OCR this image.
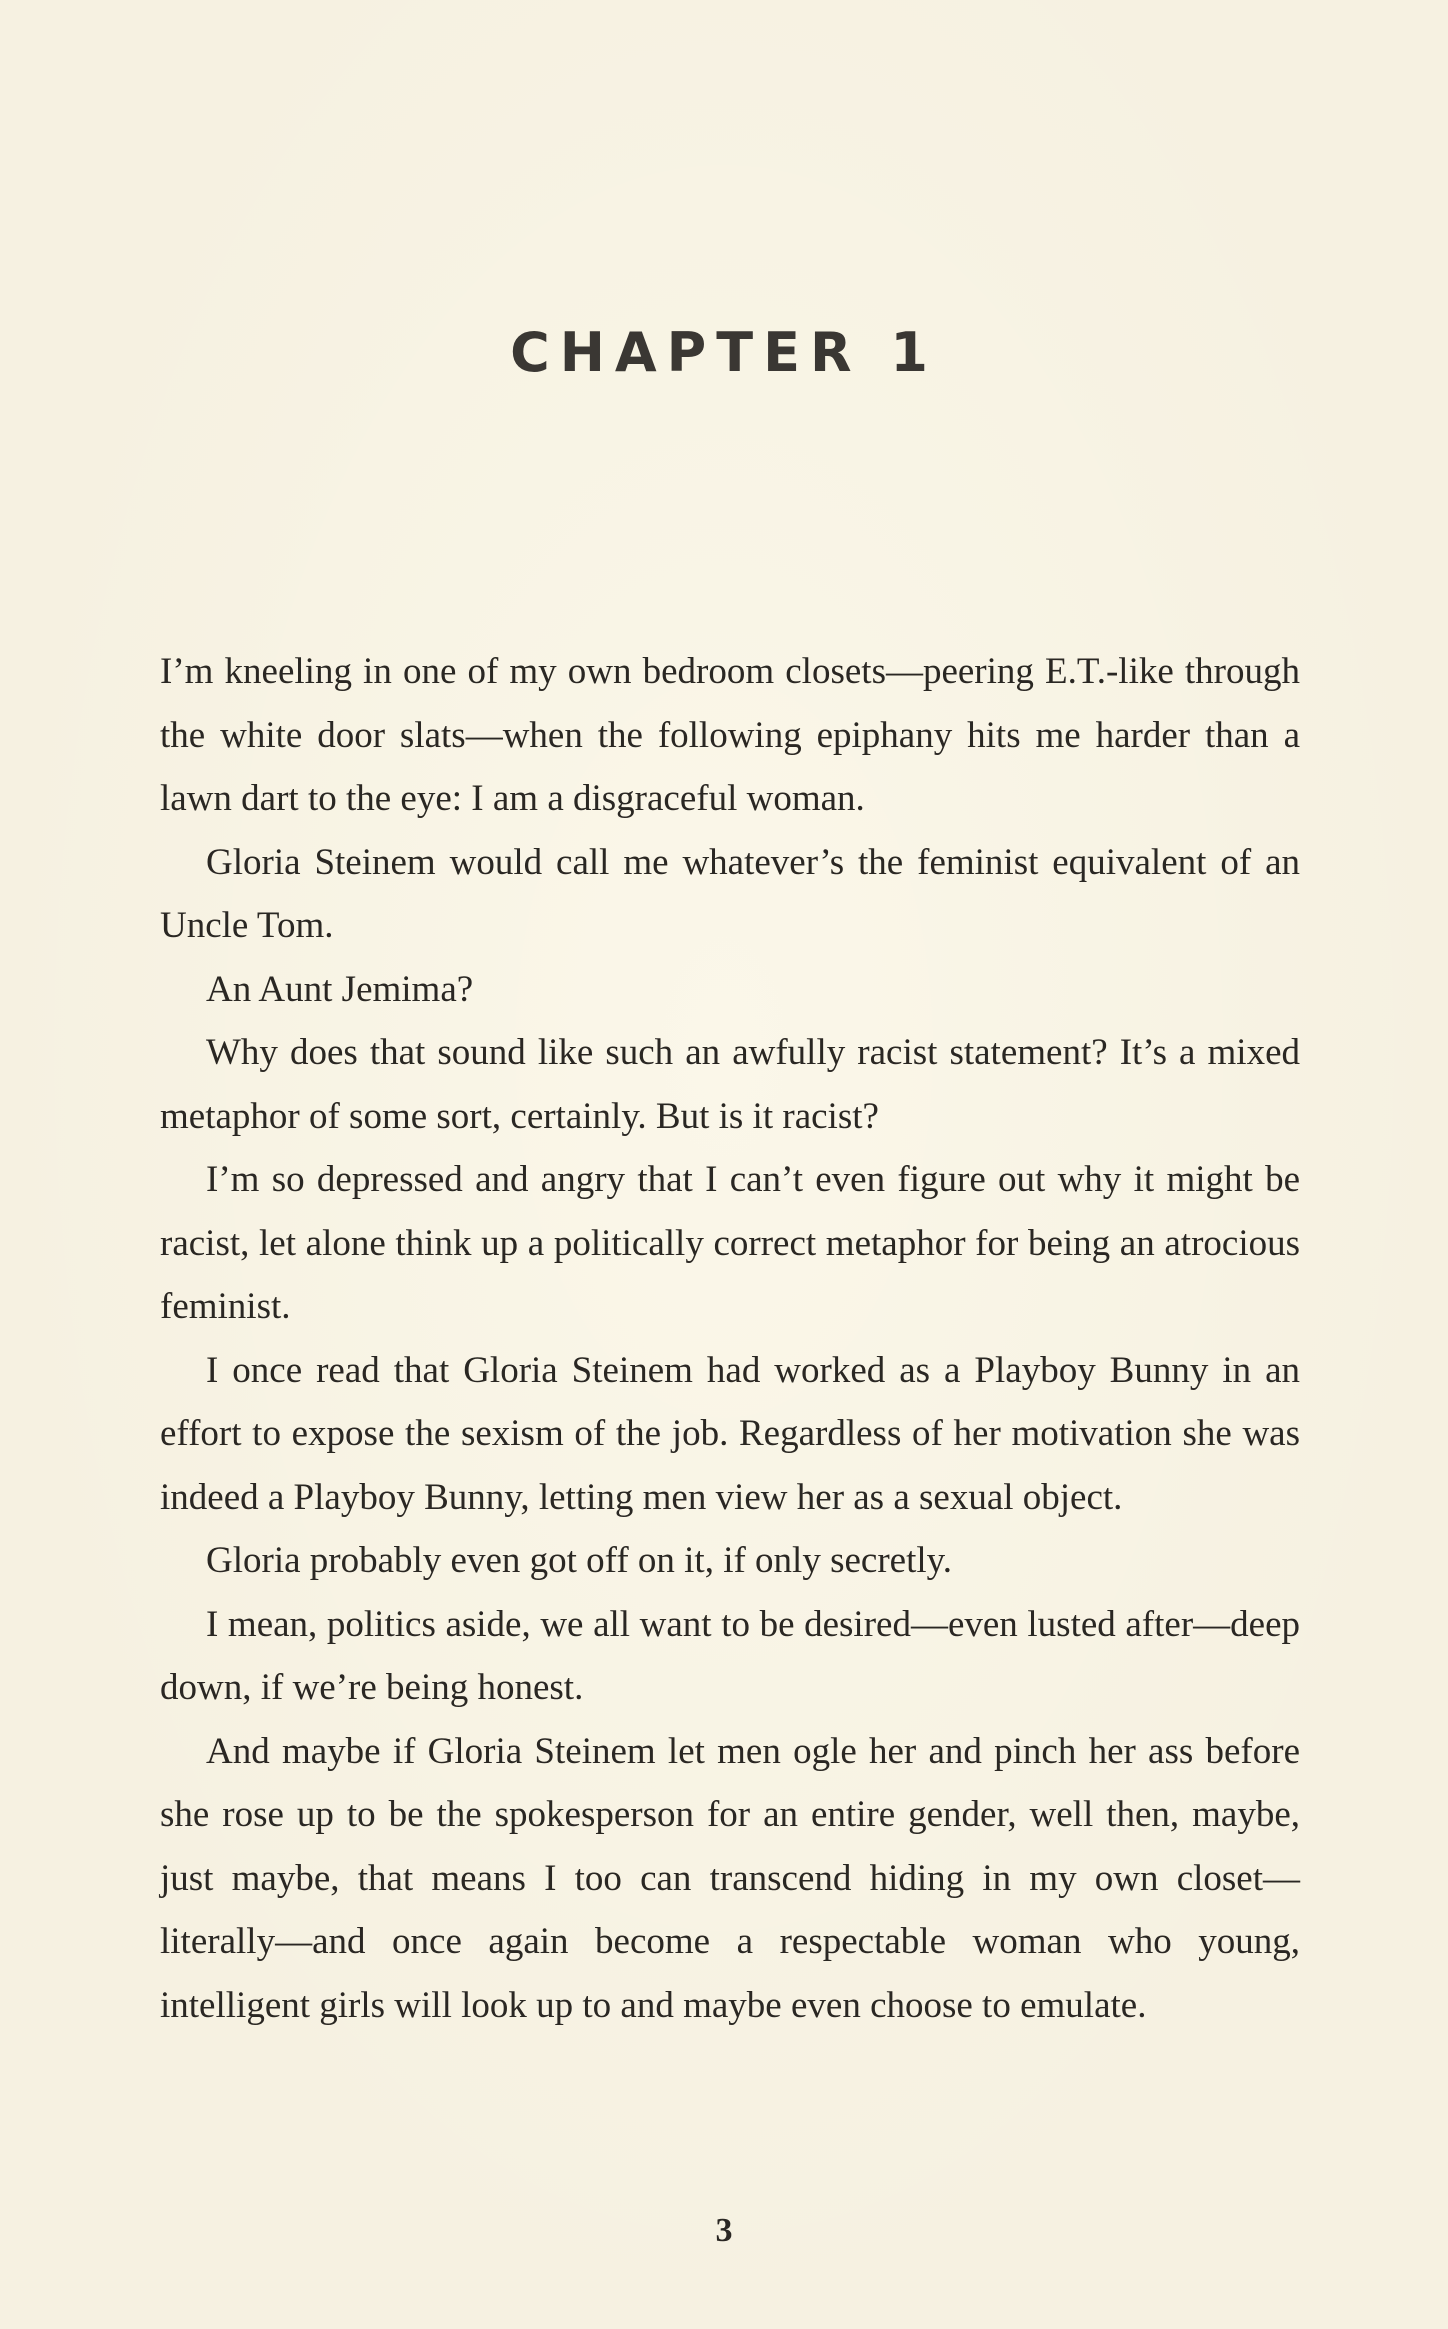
CHAPTER 1

I’m kneeling in one of my own bedroom closets—peering E.T.-like through the white door slats—when the following epiphany hits me harder than a lawn dart to the eye: I am a disgraceful woman.

Gloria Steinem would call me whatever’s the feminist equivalent of an Uncle Tom.

An Aunt Jemima?

Why does that sound like such an awfully racist statement? It’s a mixed metaphor of some sort, certainly. But is it racist?

I’m so depressed and angry that I can’t even figure out why it might be racist, let alone think up a politically correct metaphor for being an atrocious feminist.

I once read that Gloria Steinem had worked as a Playboy Bunny in an effort to expose the sexism of the job. Regardless of her motivation she was indeed a Playboy Bunny, letting men view her as a sexual object.

Gloria probably even got off on it, if only secretly.

I mean, politics aside, we all want to be desired—even lusted after—deep down, if we’re being honest.

And maybe if Gloria Steinem let men ogle her and pinch her ass before she rose up to be the spokesperson for an entire gender, well then, maybe, just maybe, that means I too can transcend hiding in my own closet—literally—and once again become a respectable woman who young, intelligent girls will look up to and maybe even choose to emulate.

3
